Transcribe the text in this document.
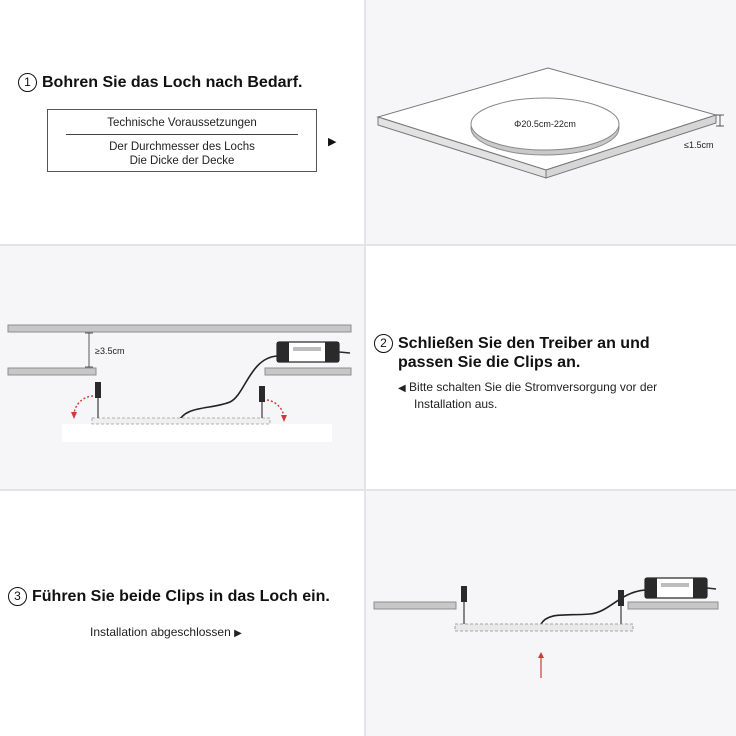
1 Bohren Sie das Loch nach Bedarf.
Technische Voraussetzungen
Der Durchmesser des Lochs
Die Dicke der Decke
▶
Φ20.5cm-22cm
≤1.5cm
≥3.5cm
2 Schließen Sie den Treiber an und
passen Sie die Clips an.
◀ Bitte schalten Sie die Stromversorgung vor der
Installation aus.
3 Führen Sie beide Clips in das Loch ein.
Installation abgeschlossen ▶
